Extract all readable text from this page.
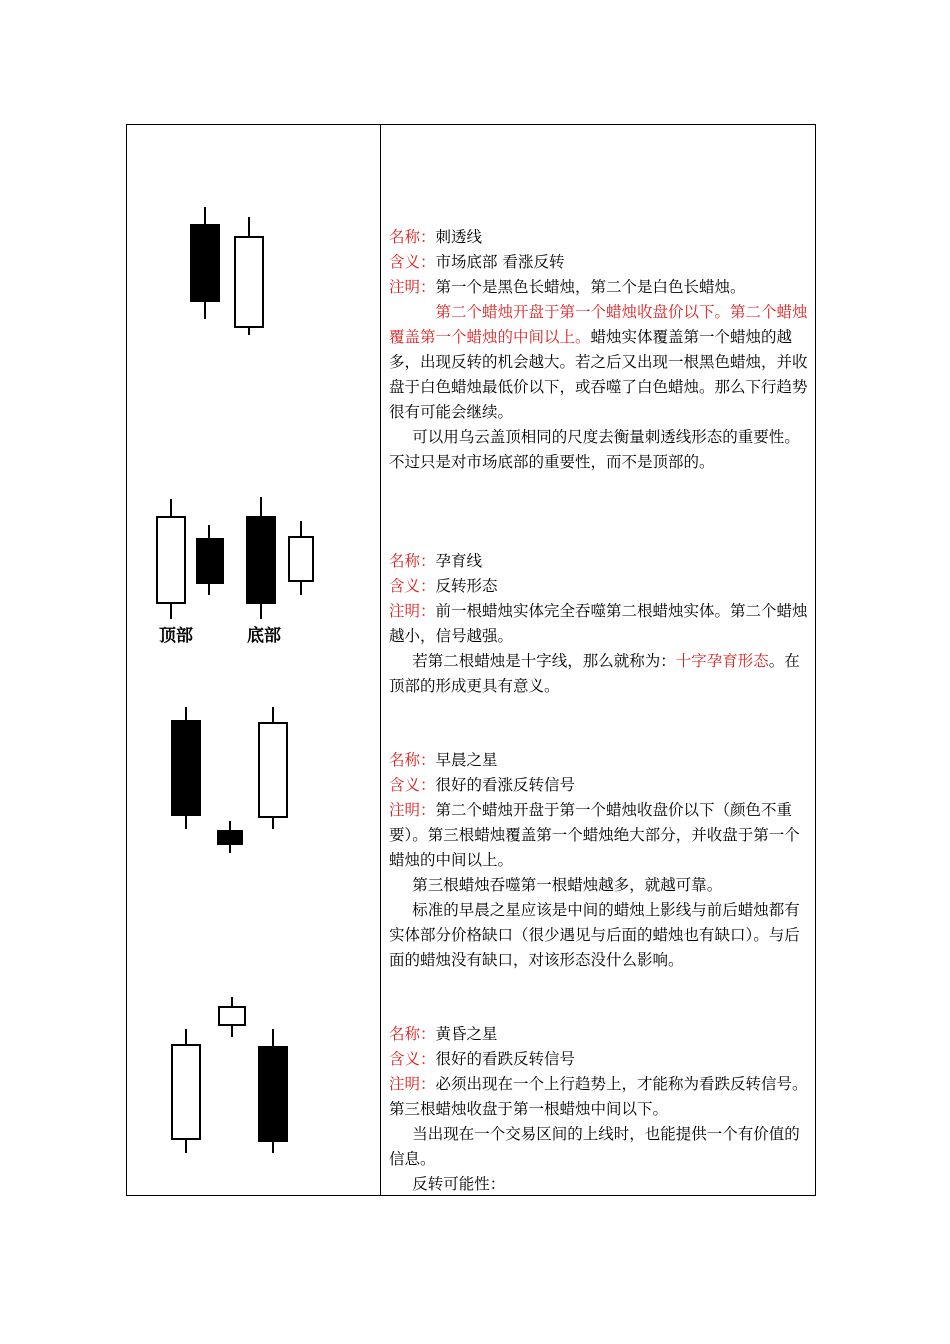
顶部	底部

名称：刺透线

含义：市场底部 看涨反转

注明：第一个是黑色长蜡烛，第二个是白色长蜡烛。

第二个蜡烛开盘于第一个蜡烛收盘价以下。第二个蜡烛覆盖第一个蜡烛的中间以上。蜡烛实体覆盖第一个蜡烛的越多，出现反转的机会越大。若之后又出现一根黑色蜡烛，并收盘于白色蜡烛最低价以下，或吞噬了白色蜡烛。那么下行趋势很有可能会继续。

可以用乌云盖顶相同的尺度去衡量刺透线形态的重要性。不过只是对市场底部的重要性，而不是顶部的。

名称：孕育线

含义：反转形态

注明：前一根蜡烛实体完全吞噬第二根蜡烛实体。第二个蜡烛越小，信号越强。

若第二根蜡烛是十字线，那么就称为：十字孕育形态。在顶部的形成更具有意义。

名称：早晨之星

含义：很好的看涨反转信号

注明：第二个蜡烛开盘于第一个蜡烛收盘价以下（颜色不重要）。第三根蜡烛覆盖第一个蜡烛绝大部分，并收盘于第一个蜡烛的中间以上。

第三根蜡烛吞噬第一根蜡烛越多，就越可靠。

标准的早晨之星应该是中间的蜡烛上影线与前后蜡烛都有实体部分价格缺口（很少遇见与后面的蜡烛也有缺口）。与后面的蜡烛没有缺口，对该形态没什么影响。

名称：黄昏之星

含义：很好的看跌反转信号

注明：必须出现在一个上行趋势上，才能称为看跌反转信号。第三根蜡烛收盘于第一根蜡烛中间以下。

当出现在一个交易区间的上线时，也能提供一个有价值的信息。

反转可能性：
